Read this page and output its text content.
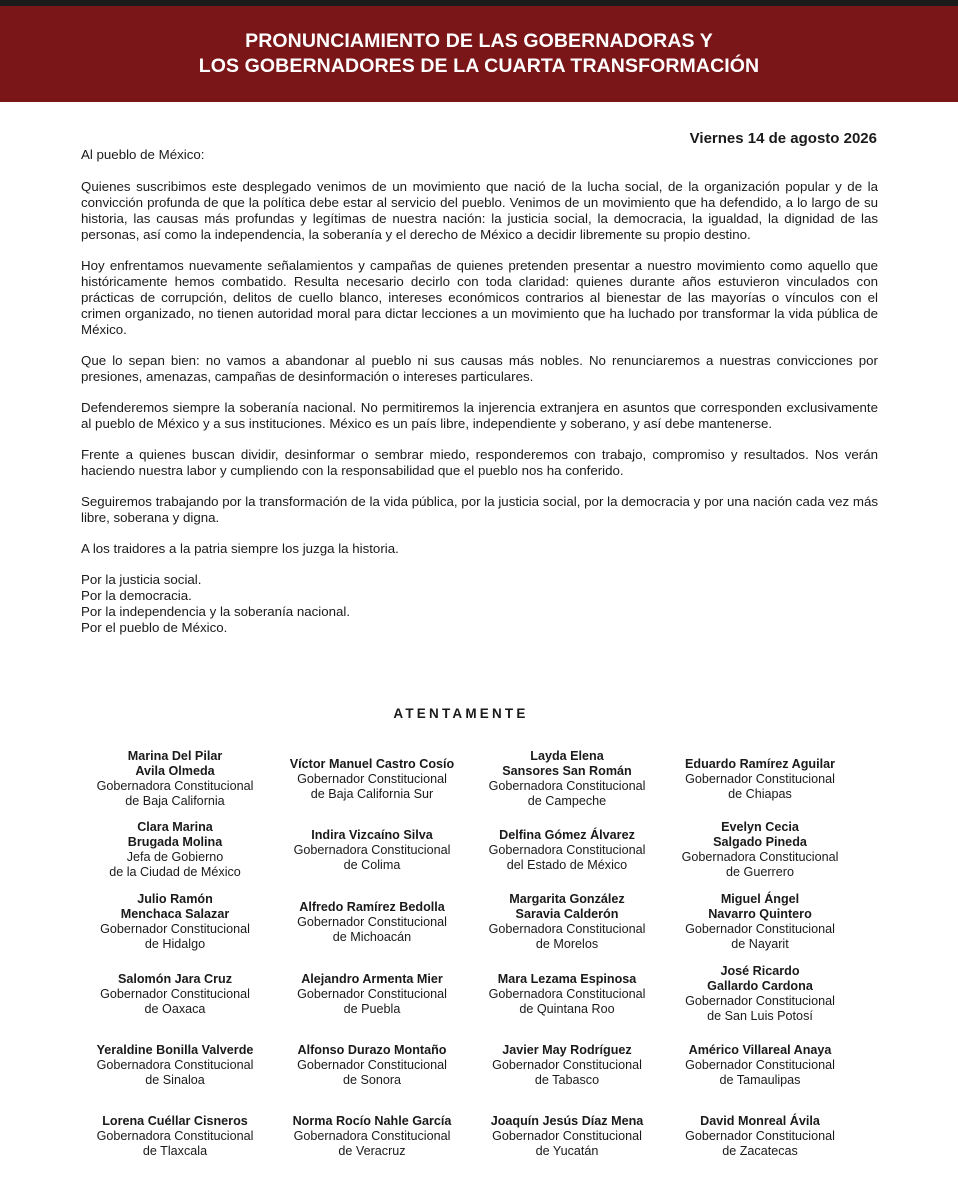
PRONUNCIAMIENTO DE LAS GOBERNADORAS Y
LOS GOBERNADORES DE LA CUARTA TRANSFORMACIÓN
Viernes 14 de agosto 2026

Al pueblo de México:

Quienes suscribimos este desplegado venimos de un movimiento que nació de la lucha social, de la organización popular y de la convicción profunda de que la política debe estar al servicio del pueblo. Venimos de un movimiento que ha defendido, a lo largo de su historia, las causas más profundas y legítimas de nuestra nación: la justicia social, la democracia, la igualdad, la dignidad de las personas, así como la independencia, la soberanía y el derecho de México a decidir libremente su propio destino.

Hoy enfrentamos nuevamente señalamientos y campañas de quienes pretenden presentar a nuestro movimiento como aquello que históricamente hemos combatido. Resulta necesario decirlo con toda claridad: quienes durante años estuvieron vinculados con prácticas de corrupción, delitos de cuello blanco, intereses económicos contrarios al bienestar de las mayorías o vínculos con el crimen organizado, no tienen autoridad moral para dictar lecciones a un movimiento que ha luchado por transformar la vida pública de México.

Que lo sepan bien: no vamos a abandonar al pueblo ni sus causas más nobles. No renunciaremos a nuestras convicciones por presiones, amenazas, campañas de desinformación o intereses particulares.

Defenderemos siempre la soberanía nacional. No permitiremos la injerencia extranjera en asuntos que corresponden exclusivamente al pueblo de México y a sus instituciones. México es un país libre, independiente y soberano, y así debe mantenerse.

Frente a quienes buscan dividir, desinformar o sembrar miedo, responderemos con trabajo, compromiso y resultados. Nos verán haciendo nuestra labor y cumpliendo con la responsabilidad que el pueblo nos ha conferido.

Seguiremos trabajando por la transformación de la vida pública, por la justicia social, por la democracia y por una nación cada vez más libre, soberana y digna.

A los traidores a la patria siempre los juzga la historia.

Por la justicia social.
Por la democracia.
Por la independencia y la soberanía nacional.
Por el pueblo de México.
ATENTAMENTE
Marina Del Pilar
Avila Olmeda
Gobernadora Constitucional
de Baja California
Víctor Manuel Castro Cosío
Gobernador Constitucional
de Baja California Sur
Layda Elena
Sansores San Román
Gobernadora Constitucional
de Campeche
Eduardo Ramírez Aguilar
Gobernador Constitucional
de Chiapas
Clara Marina
Brugada Molina
Jefa de Gobierno
de la Ciudad de México
Indira Vizcaíno Silva
Gobernadora Constitucional
de Colima
Delfina Gómez Álvarez
Gobernadora Constitucional
del Estado de México
Evelyn Cecia
Salgado Pineda
Gobernadora Constitucional
de Guerrero
Julio Ramón
Menchaca Salazar
Gobernador Constitucional
de Hidalgo
Alfredo Ramírez Bedolla
Gobernador Constitucional
de Michoacán
Margarita González
Saravia Calderón
Gobernadora Constitucional
de Morelos
Miguel Ángel
Navarro Quintero
Gobernador Constitucional
de Nayarit
Salomón Jara Cruz
Gobernador Constitucional
de Oaxaca
Alejandro Armenta Mier
Gobernador Constitucional
de Puebla
Mara Lezama Espinosa
Gobernadora Constitucional
de Quintana Roo
José Ricardo
Gallardo Cardona
Gobernador Constitucional
de San Luis Potosí
Yeraldine Bonilla Valverde
Gobernadora Constitucional
de Sinaloa
Alfonso Durazo Montaño
Gobernador Constitucional
de Sonora
Javier May Rodríguez
Gobernador Constitucional
de Tabasco
Américo Villareal Anaya
Gobernador Constitucional
de Tamaulipas
Lorena Cuéllar Cisneros
Gobernadora Constitucional
de Tlaxcala
Norma Rocío Nahle García
Gobernadora Constitucional
de Veracruz
Joaquín Jesús Díaz Mena
Gobernador Constitucional
de Yucatán
David Monreal Ávila
Gobernador Constitucional
de Zacatecas
